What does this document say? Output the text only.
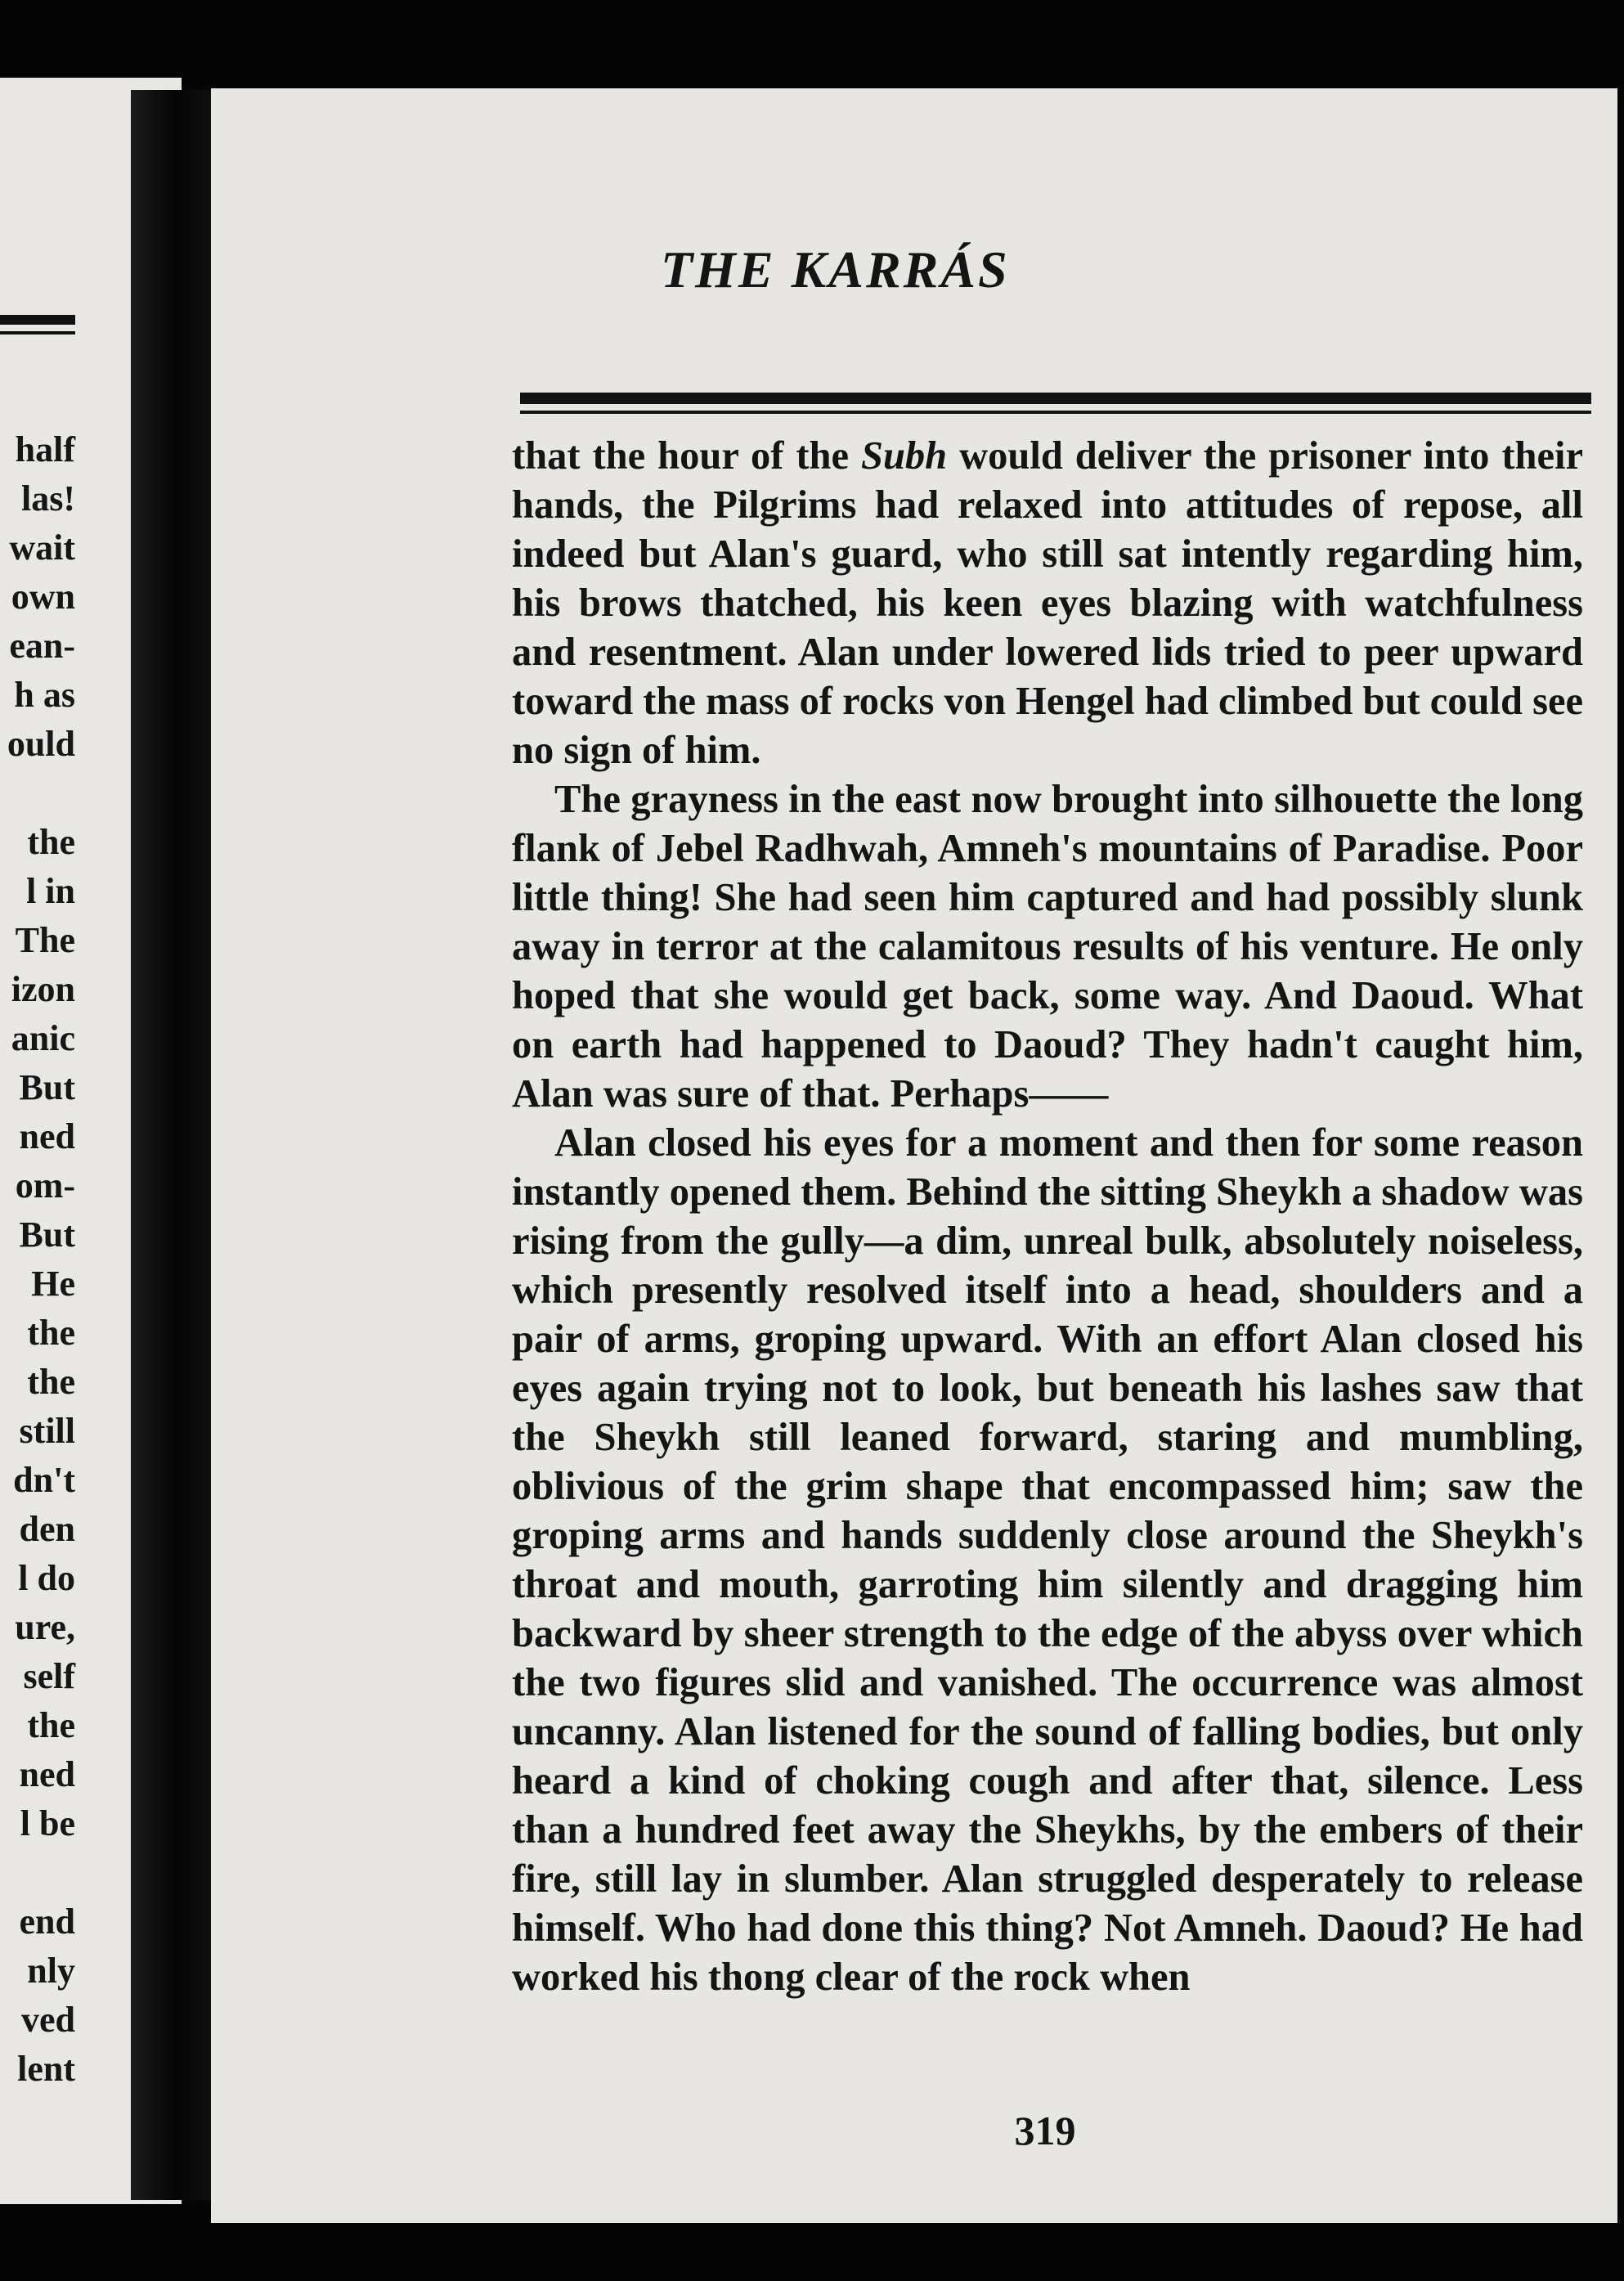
half
las!
wait
own
ean-
h as
ould

the
l in
The
izon
anic
But
ned
om-
But
He
the
the
still
dn't
den
l do
ure,
self
the
ned
l be

end
nly
ved
lent
THE KARRÁS

that the hour of the Subh would deliver the prisoner into their hands, the Pilgrims had relaxed into attitudes of repose, all indeed but Alan's guard, who still sat intently regarding him, his brows thatched, his keen eyes blazing with watchfulness and resentment. Alan under lowered lids tried to peer upward toward the mass of rocks von Hengel had climbed but could see no sign of him.

The grayness in the east now brought into silhouette the long flank of Jebel Radhwah, Amneh's mountains of Paradise. Poor little thing! She had seen him captured and had possibly slunk away in terror at the calamitous results of his venture. He only hoped that she would get back, some way. And Daoud. What on earth had happened to Daoud? They hadn't caught him, Alan was sure of that. Perhaps——

Alan closed his eyes for a moment and then for some reason instantly opened them. Behind the sitting Sheykh a shadow was rising from the gully—a dim, unreal bulk, absolutely noiseless, which presently resolved itself into a head, shoulders and a pair of arms, groping upward. With an effort Alan closed his eyes again trying not to look, but beneath his lashes saw that the Sheykh still leaned forward, staring and mumbling, oblivious of the grim shape that encompassed him; saw the groping arms and hands suddenly close around the Sheykh's throat and mouth, garroting him silently and dragging him backward by sheer strength to the edge of the abyss over which the two figures slid and vanished. The occurrence was almost uncanny. Alan listened for the sound of falling bodies, but only heard a kind of choking cough and after that, silence. Less than a hundred feet away the Sheykhs, by the embers of their fire, still lay in slumber. Alan struggled desperately to release himself. Who had done this thing? Not Amneh. Daoud? He had worked his thong clear of the rock when

319
